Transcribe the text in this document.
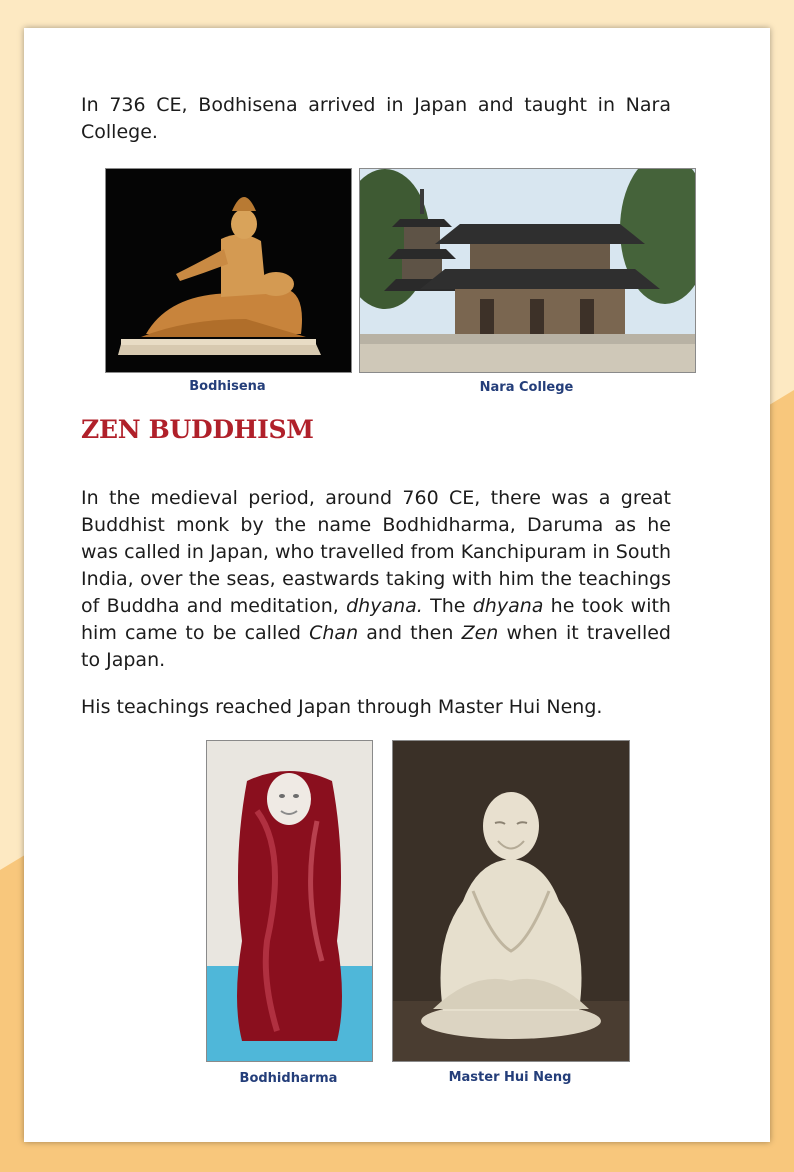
In 736 CE, Bodhisena arrived in Japan and taught in Nara College.

Bodhisena	Nara College
ZEN BUDDHISM

In the medieval period, around 760 CE, there was a great Buddhist monk by the name Bodhidharma, Daruma as he was called in Japan, who travelled from Kanchipuram in South India, over the seas, eastwards taking with him the teachings of Buddha and meditation, dhyana. The dhyana he took with him came to be called Chan and then Zen when it travelled to Japan.

His teachings reached Japan through Master Hui Neng.

Bodhidharma	Master Hui Neng
